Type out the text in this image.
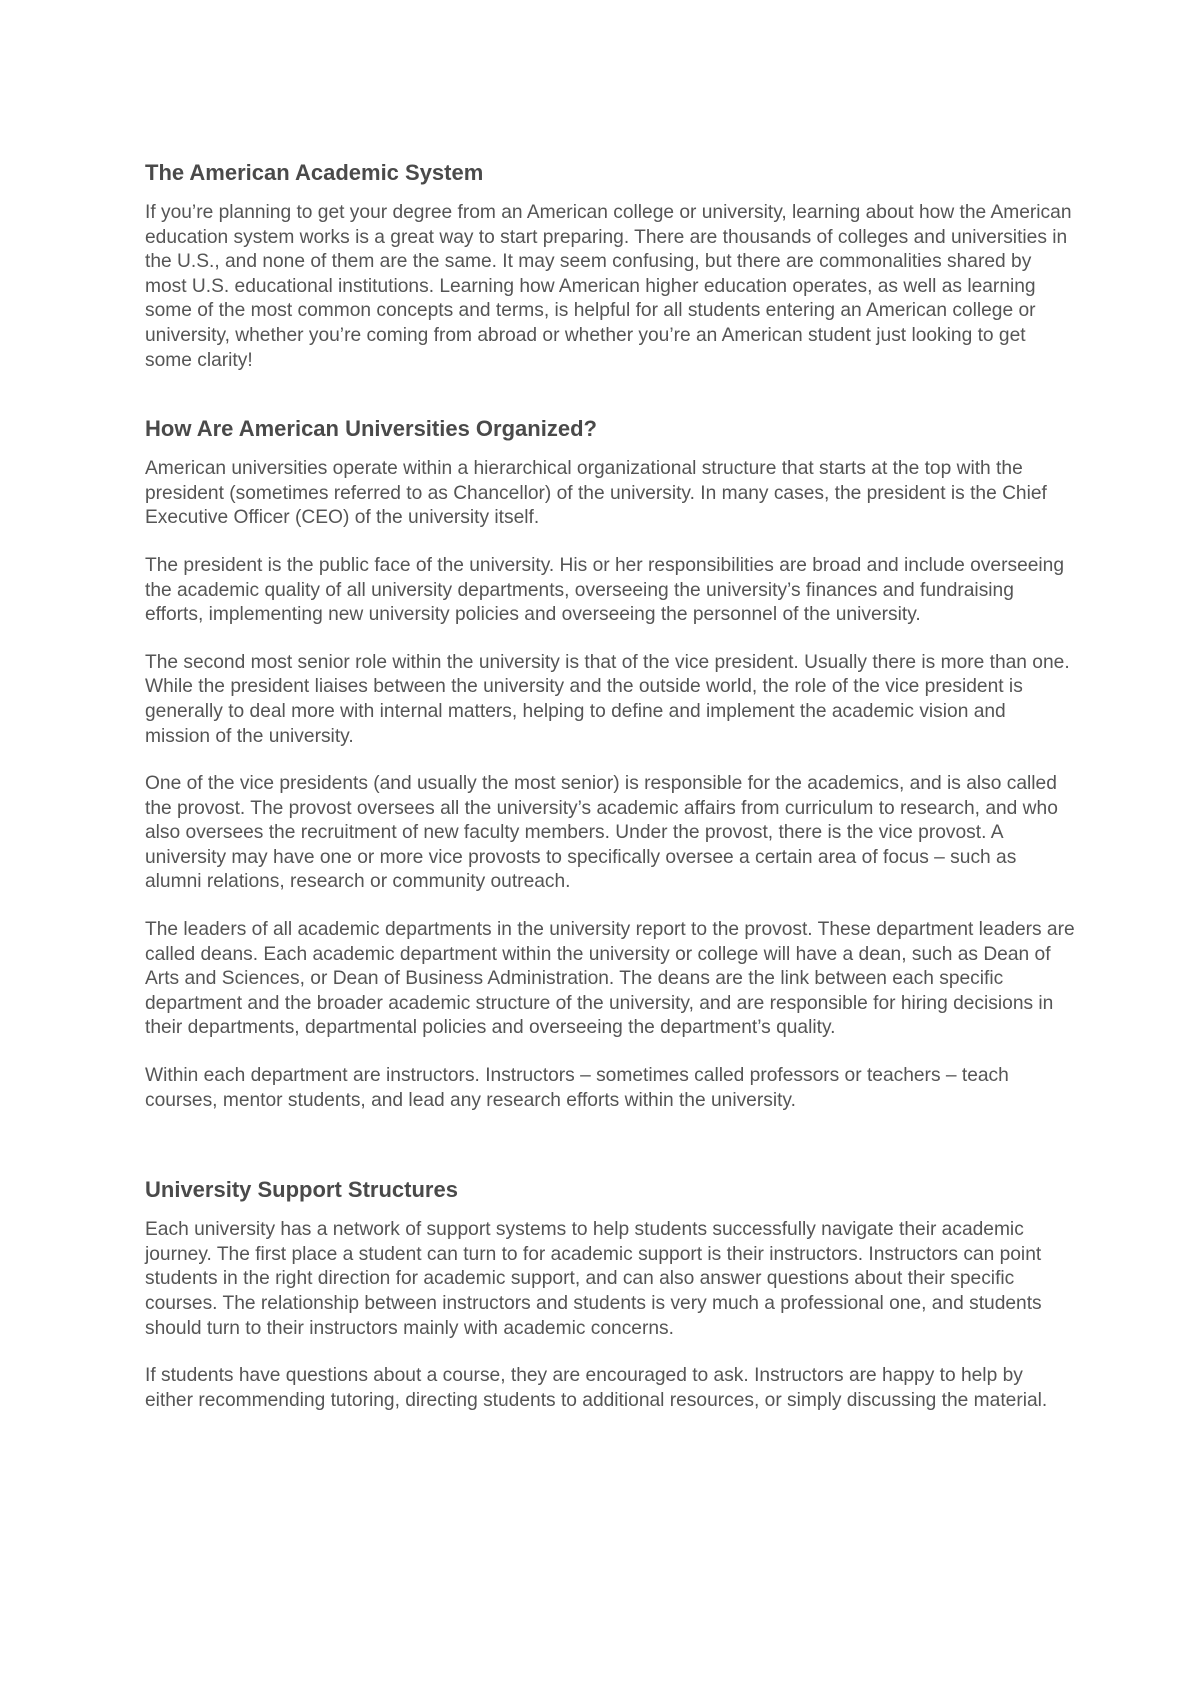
The American Academic System

If you’re planning to get your degree from an American college or university, learning about how the American education system works is a great way to start preparing. There are thousands of colleges and universities in the U.S., and none of them are the same. It may seem confusing, but there are commonalities shared by most U.S. educational institutions. Learning how American higher education operates, as well as learning some of the most common concepts and terms, is helpful for all students entering an American college or university, whether you’re coming from abroad or whether you’re an American student just looking to get some clarity!

How Are American Universities Organized?

American universities operate within a hierarchical organizational structure that starts at the top with the president (sometimes referred to as Chancellor) of the university. In many cases, the president is the Chief Executive Officer (CEO) of the university itself.

The president is the public face of the university. His or her responsibilities are broad and include overseeing the academic quality of all university departments, overseeing the university’s finances and fundraising efforts, implementing new university policies and overseeing the personnel of the university.

The second most senior role within the university is that of the vice president. Usually there is more than one. While the president liaises between the university and the outside world, the role of the vice president is generally to deal more with internal matters, helping to define and implement the academic vision and mission of the university.

One of the vice presidents (and usually the most senior) is responsible for the academics, and is also called the provost. The provost oversees all the university’s academic affairs from curriculum to research, and who also oversees the recruitment of new faculty members. Under the provost, there is the vice provost. A university may have one or more vice provosts to specifically oversee a certain area of focus – such as alumni relations, research or community outreach.

The leaders of all academic departments in the university report to the provost. These department leaders are called deans. Each academic department within the university or college will have a dean, such as Dean of Arts and Sciences, or Dean of Business Administration. The deans are the link between each specific department and the broader academic structure of the university, and are responsible for hiring decisions in their departments, departmental policies and overseeing the department’s quality.

Within each department are instructors. Instructors – sometimes called professors or teachers – teach courses, mentor students, and lead any research efforts within the university.

University Support Structures

Each university has a network of support systems to help students successfully navigate their academic journey. The first place a student can turn to for academic support is their instructors. Instructors can point students in the right direction for academic support, and can also answer questions about their specific courses. The relationship between instructors and students is very much a professional one, and students should turn to their instructors mainly with academic concerns.

If students have questions about a course, they are encouraged to ask. Instructors are happy to help by either recommending tutoring, directing students to additional resources, or simply discussing the material.
